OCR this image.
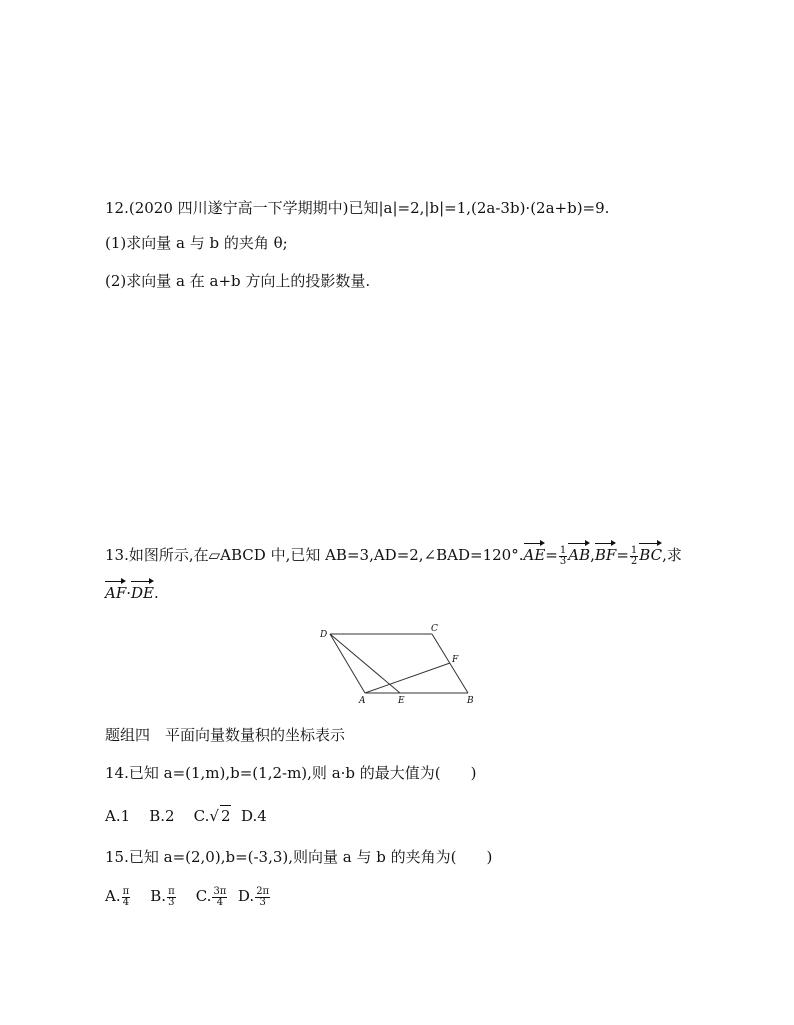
12.(2020 四川遂宁高一下学期期中)已知|a|=2,|b|=1,(2a-3b)·(2a+b)=9.
(1)求向量 a 与 b 的夹角 θ;
(2)求向量 a 在 a+b 方向上的投影数量.
13.如图所示,在▱ABCD 中,已知 AB=3,AD=2,∠BAD=120°.AE= $\frac{1}{3} AB,BF= \frac{1}{2}$ BC,求
AF·DE.
D
C
F
A	E	B
题组四　平面向量数量积的坐标表示
14.已知 a=(1,m),b=(1,2-m),则 a·b 的最大值为(　　)
A.1 B.2 C.√ 2 D.4
15.已知 a=(2,0),b=(-3,3),则向量 a 与 b 的夹角为(　　)
A. $\frac{\pi}{4} B$. $\frac{\pi}{3} C$. $\frac{3\pi}{4} D$. $\frac{2\pi}{3}$
